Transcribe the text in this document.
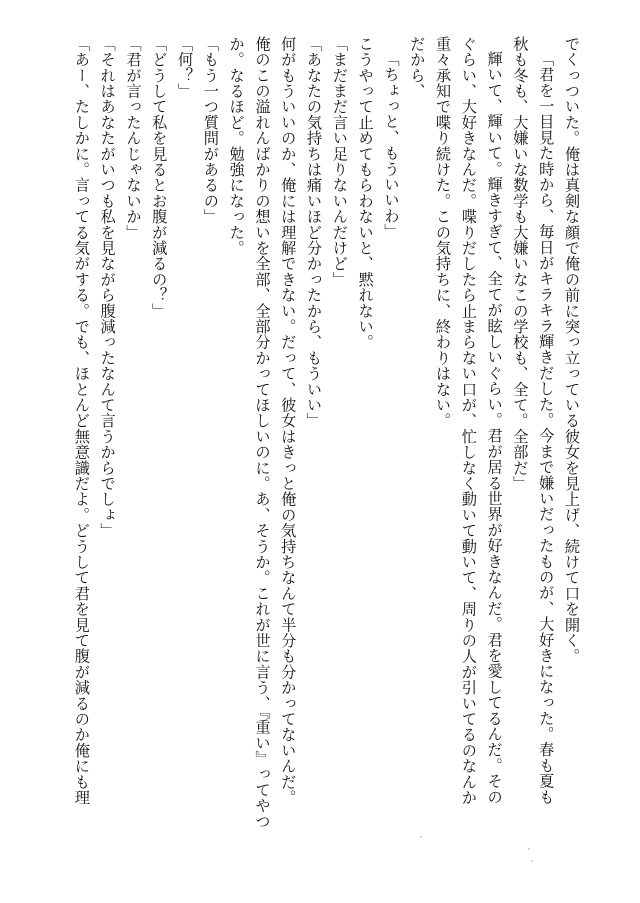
でくっついた。俺は真剣な顔で俺の前に突っ立っている彼女を見上げ、続けて口を開く。
「君を一目見た時から、毎日がキラキラ輝きだした。今まで嫌いだったものが、大好きになった。春も夏も
秋も冬も、大嫌いな数学も大嫌いなこの学校も、全て。全部だ」
輝いて、輝いて。輝きすぎて、全てが眩しいぐらい。君が居る世界が好きなんだ。君を愛してるんだ。その
ぐらい、大好きなんだ。喋りだしたら止まらない口が、忙しなく動いて動いて、周りの人が引いてるのなんか
重々承知で喋り続けた。この気持ちに、終わりはない。
だから、
「ちょっと、もういいわ」
こうやって止めてもらわないと、黙れない。
「まだまだ言い足りないんだけど」
「あなたの気持ちは痛いほど分かったから、もういい」
何がもういいのか、俺には理解できない。だって、彼女はきっと俺の気持ちなんて半分も分かってないんだ。
俺のこの溢れんばかりの想いを全部、全部分かってほしいのに。あ、そうか。これが世に言う、『重い』ってやつ
か。なるほど。勉強になった。
「もう一つ質問があるの」
「何？」
「どうして私を見るとお腹が減るの？」
「君が言ったんじゃないか」
「それはあなたがいつも私を見ながら腹減ったなんて言うからでしょ」
「あー、たしかに。言ってる気がする。でも、ほとんど無意識だよ。どうして君を見て腹が減るのか俺にも理
